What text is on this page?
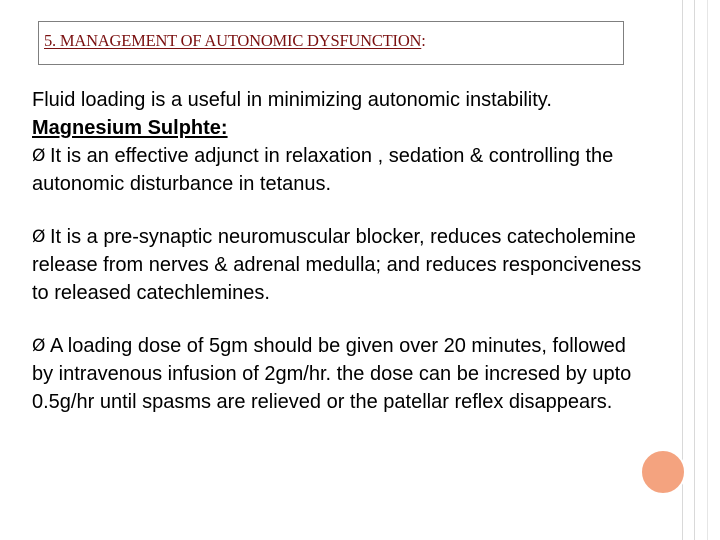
5. MANAGEMENT OF AUTONOMIC DYSFUNCTION:

Fluid loading is a useful in minimizing autonomic instability.

Magnesium Sulphte:

Ø It is an effective adjunct in relaxation , sedation & controlling the autonomic disturbance in tetanus.

Ø It is a pre-synaptic neuromuscular blocker, reduces catecholemine release from nerves & adrenal medulla; and reduces responciveness to released catechlemines.

Ø A loading dose of 5gm should be given over 20 minutes, followed by intravenous infusion of 2gm/hr. the dose can be incresed by upto 0.5g/hr until spasms are relieved or the patellar reflex disappears.
